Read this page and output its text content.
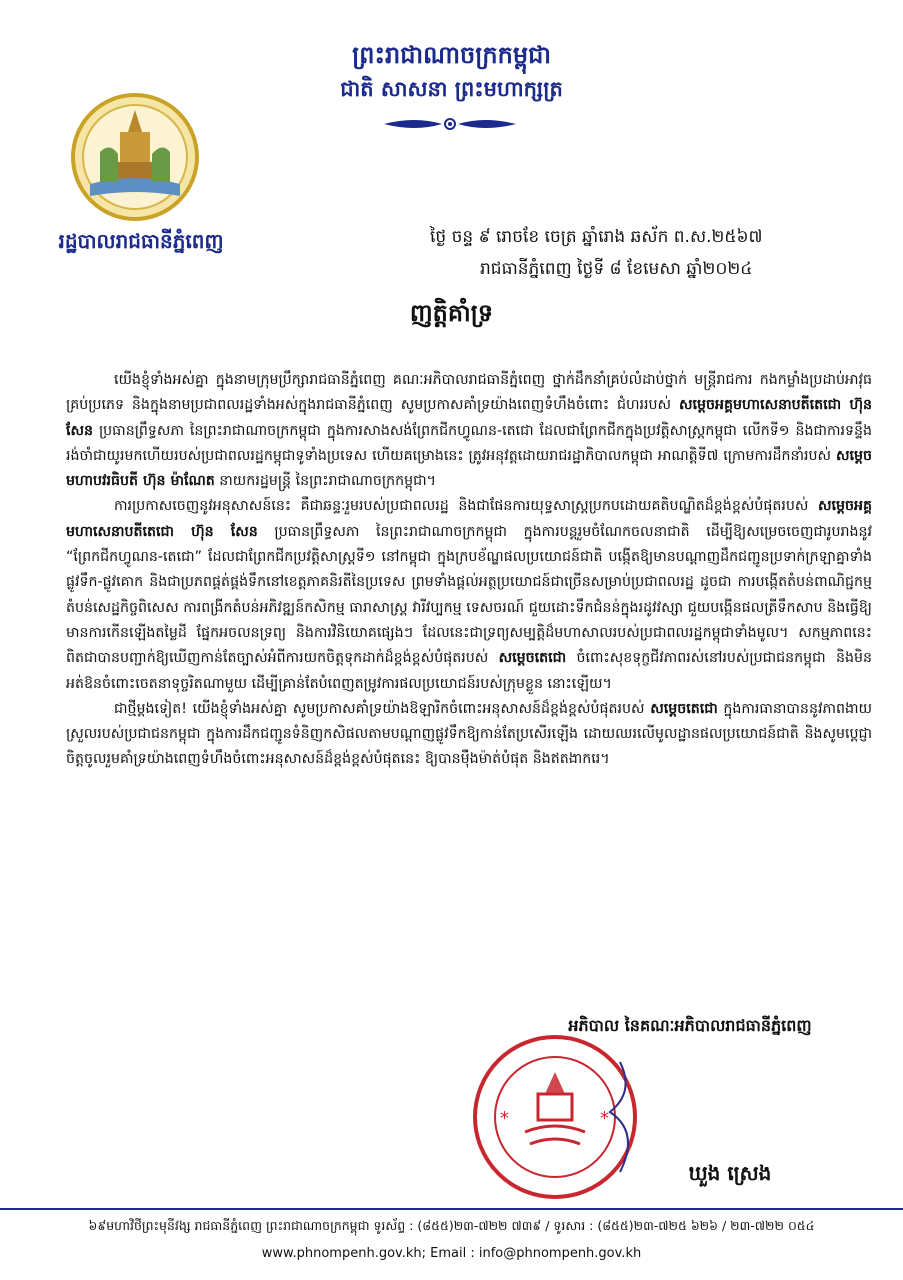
ព្រះរាជាណាចក្រកម្ពុជា
ជាតិ សាសនា ព្រះមហាក្សត្រ
រដ្ឋបាលរាជធានីភ្នំពេញ	ថ្ងៃ ចន្ទ ៩ រោចខែ ចេត្រ ឆ្នាំរោង ឆស័ក ព.ស.២៥៦៧
រាជធានីភ្នំពេញ ថ្ងៃទី ៨ ខែមេសា ឆ្នាំ២០២៤
ញត្តិគាំទ្រ

យើងខ្ញុំទាំងអស់គ្នា ក្នុងនាមក្រុមប្រឹក្សារាជធានីភ្នំពេញ គណៈអភិបាលរាជធានីភ្នំពេញ ថ្នាក់ដឹកនាំគ្រប់លំដាប់ថ្នាក់ មន្ត្រីរាជការ កងកម្លាំងប្រដាប់អាវុធគ្រប់ប្រភេទ និងក្នុងនាមប្រជាពលរដ្ឋទាំងអស់ក្នុងរាជធានីភ្នំពេញ សូមប្រកាសគាំទ្រយ៉ាងពេញទំហឹងចំពោះ ជំហររបស់ សម្តេចអគ្គមហាសេនាបតីតេជោ ហ៊ុន សែន ប្រធានព្រឹទ្ធសភា នៃព្រះរាជាណាចក្រកម្ពុជា ក្នុងការសាងសង់ព្រែកជីកហ្វូណន-តេជោ ដែលជាព្រែកជីកក្នុងប្រវត្តិសាស្ត្រកម្ពុជា លើកទី១ និងជាការទន្ទឹងរង់ចាំជាយូរមកហើយរបស់ប្រជាពលរដ្ឋកម្ពុជាទូទាំងប្រទេស ហើយគម្រោងនេះ ត្រូវអនុវត្តដោយរាជរដ្ឋាភិបាលកម្ពុជា អាណត្តិទី៧ ក្រោមការដឹកនាំរបស់ សម្តេចមហាបវរធិបតី ហ៊ុន ម៉ាណែត នាយករដ្ឋមន្ត្រី នៃព្រះរាជាណាចក្រកម្ពុជា។

ការប្រកាសចេញនូវអនុសាសន៍នេះ គឺជាឆន្ទៈរួមរបស់ប្រជាពលរដ្ឋ និងជាផែនការយុទ្ធសាស្ត្រប្រកបដោយគតិបណ្ឌិតដ៏ខ្ពង់ខ្ពស់បំផុតរបស់ សម្តេចអគ្គមហាសេនាបតីតេជោ ហ៊ុន សែន ប្រធានព្រឹទ្ធសភា នៃព្រះរាជាណាចក្រកម្ពុជា ក្នុងការបន្តរួមចំណែកចលនាជាតិ ដើម្បីឱ្យសម្រេចចេញជារូបរាងនូវ “ព្រែកជីកហ្វូណន-តេជោ” ដែលជាព្រែកជីកប្រវត្តិសាស្ត្រទី១ នៅកម្ពុជា ក្នុងក្របខ័ណ្ឌផលប្រយោជន៍ជាតិ បង្កើតឱ្យមានបណ្តាញដឹកជញ្ជូនប្រទាក់ក្រឡាគ្នាទាំងផ្លូវទឹក-ផ្លូវគោក និងជាប្រភពផ្គត់ផ្គង់ទឹកនៅខេត្តភាគនិរតីនៃប្រទេស ព្រមទាំងផ្តល់អត្ថប្រយោជន៍ជាច្រើនសម្រាប់ប្រជាពលរដ្ឋ ដូចជា ការបង្កើតតំបន់ពាណិជ្ជកម្ម តំបន់សេដ្ឋកិច្ចពិសេស ការពង្រីកតំបន់អភិវឌ្ឍន៍កសិកម្ម ធារាសាស្ត្រ វារីវប្បកម្ម ទេសចរណ៍ ជួយដោះទឹកជំនន់ក្នុងរដូវវស្សា ជួយបង្កើនផលត្រីទឹកសាប និងធ្វើឱ្យមានការកើនឡើងតម្លៃដី ផ្នែកអចលនទ្រព្យ និងការវិនិយោគផ្សេងៗ ដែលនេះជាទ្រព្យសម្បត្តិដ៏មហាសាលរបស់ប្រជាពលរដ្ឋកម្ពុជាទាំងមូល។ សកម្មភាពនេះពិតជាបានបញ្ជាក់ឱ្យឃើញកាន់តែច្បាស់អំពីការយកចិត្តទុកដាក់ដ៏ខ្ពង់ខ្ពស់បំផុតរបស់ សម្តេចតេជោ ចំពោះសុខទុក្ខជីវភាពរស់នៅរបស់ប្រជាជនកម្ពុជា និងមិនអត់ឱនចំពោះចេតនាទុច្ចរិតណាមួយ ដើម្បីគ្រាន់តែបំពេញតម្រូវការផលប្រយោជន៍របស់ក្រុមខ្លួន នោះឡើយ។

ជាថ្មីម្តងទៀត! យើងខ្ញុំទាំងអស់គ្នា សូមប្រកាសគាំទ្រយ៉ាងឱឡារិកចំពោះអនុសាសន៍ដ៏ខ្ពង់ខ្ពស់បំផុតរបស់ សម្តេចតេជោ ក្នុងការធានាបាននូវភាពងាយស្រួលរបស់ប្រជាជនកម្ពុជា ក្នុងការដឹកជញ្ជូនទំនិញកសិផលតាមបណ្តាញផ្លូវទឹកឱ្យកាន់តែប្រសើរឡើង ដោយឈរលើមូលដ្ឋានផលប្រយោជន៍ជាតិ និងសូមប្តេជ្ញាចិត្តចូលរួមគាំទ្រយ៉ាងពេញទំហឹងចំពោះអនុសាសន៍ដ៏ខ្ពង់ខ្ពស់បំផុតនេះ ឱ្យបានម៉ឺងម៉ាត់បំផុត និងឥតងាករេ។

អភិបាល នៃគណៈអភិបាលរាជធានីភ្នំពេញ
*	*
ឃួង ស្រេង
៦៩មហាវិថីព្រះមុនីវង្ស រាជធានីភ្នំពេញ ព្រះរាជាណាចក្រកម្ពុជា ទូរស័ព្ទ : (៨៥៥)២៣-៧២២ ៧៣៩ / ទូរសារ : (៨៥៥)២៣-៧២៥ ៦២៦ / ២៣-៧២២ ០៥៤
www.phnompenh.gov.kh; Email : info@phnompenh.gov.kh
